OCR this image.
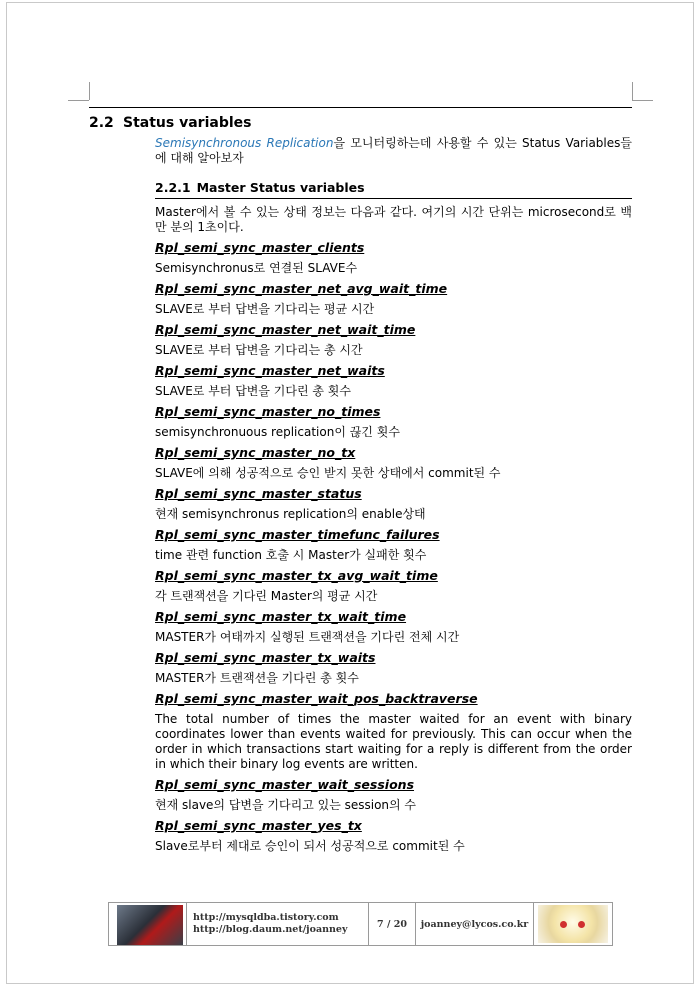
2.2 Status variables
Semisynchronous Replication을 모니터링하는데 사용할 수 있는 Status Variables들에 대해 알아보자
2.2.1 Master Status variables
Master에서 볼 수 있는 상태 정보는 다음과 같다. 여기의 시간 단위는 microsecond로 백만 분의 1초이다.
Rpl_semi_sync_master_clients
Semisynchronus로 연결된 SLAVE수
Rpl_semi_sync_master_net_avg_wait_time
SLAVE로 부터 답변을 기다리는 평균 시간
Rpl_semi_sync_master_net_wait_time
SLAVE로 부터 답변을 기다리는 총 시간
Rpl_semi_sync_master_net_waits
SLAVE로 부터 답변을 기다린 총 횟수
Rpl_semi_sync_master_no_times
semisynchronuous replication이 끊긴 횟수
Rpl_semi_sync_master_no_tx
SLAVE에 의해 성공적으로 승인 받지 못한 상태에서 commit된 수
Rpl_semi_sync_master_status
현재 semisynchronus replication의 enable상태
Rpl_semi_sync_master_timefunc_failures
time 관련 function 호출 시 Master가 실패한 횟수
Rpl_semi_sync_master_tx_avg_wait_time
각 트랜잭션을 기다린 Master의 평균 시간
Rpl_semi_sync_master_tx_wait_time
MASTER가 여태까지 실행된 트랜잭션을 기다린 전체 시간
Rpl_semi_sync_master_tx_waits
MASTER가 트랜잭션을 기다린 총 횟수
Rpl_semi_sync_master_wait_pos_backtraverse
The total number of times the master waited for an event with binary coordinates lower than events waited for previously. This can occur when the order in which transactions start waiting for a reply is different from the order in which their binary log events are written.
Rpl_semi_sync_master_wait_sessions
현재 slave의 답변을 기다리고 있는 session의 수
Rpl_semi_sync_master_yes_tx
Slave로부터 제대로 승인이 되서 성공적으로 commit된 수
http://mysqldba.tistory.com
http://blog.daum.net/joanney	7 / 20	joanney@lycos.co.kr
